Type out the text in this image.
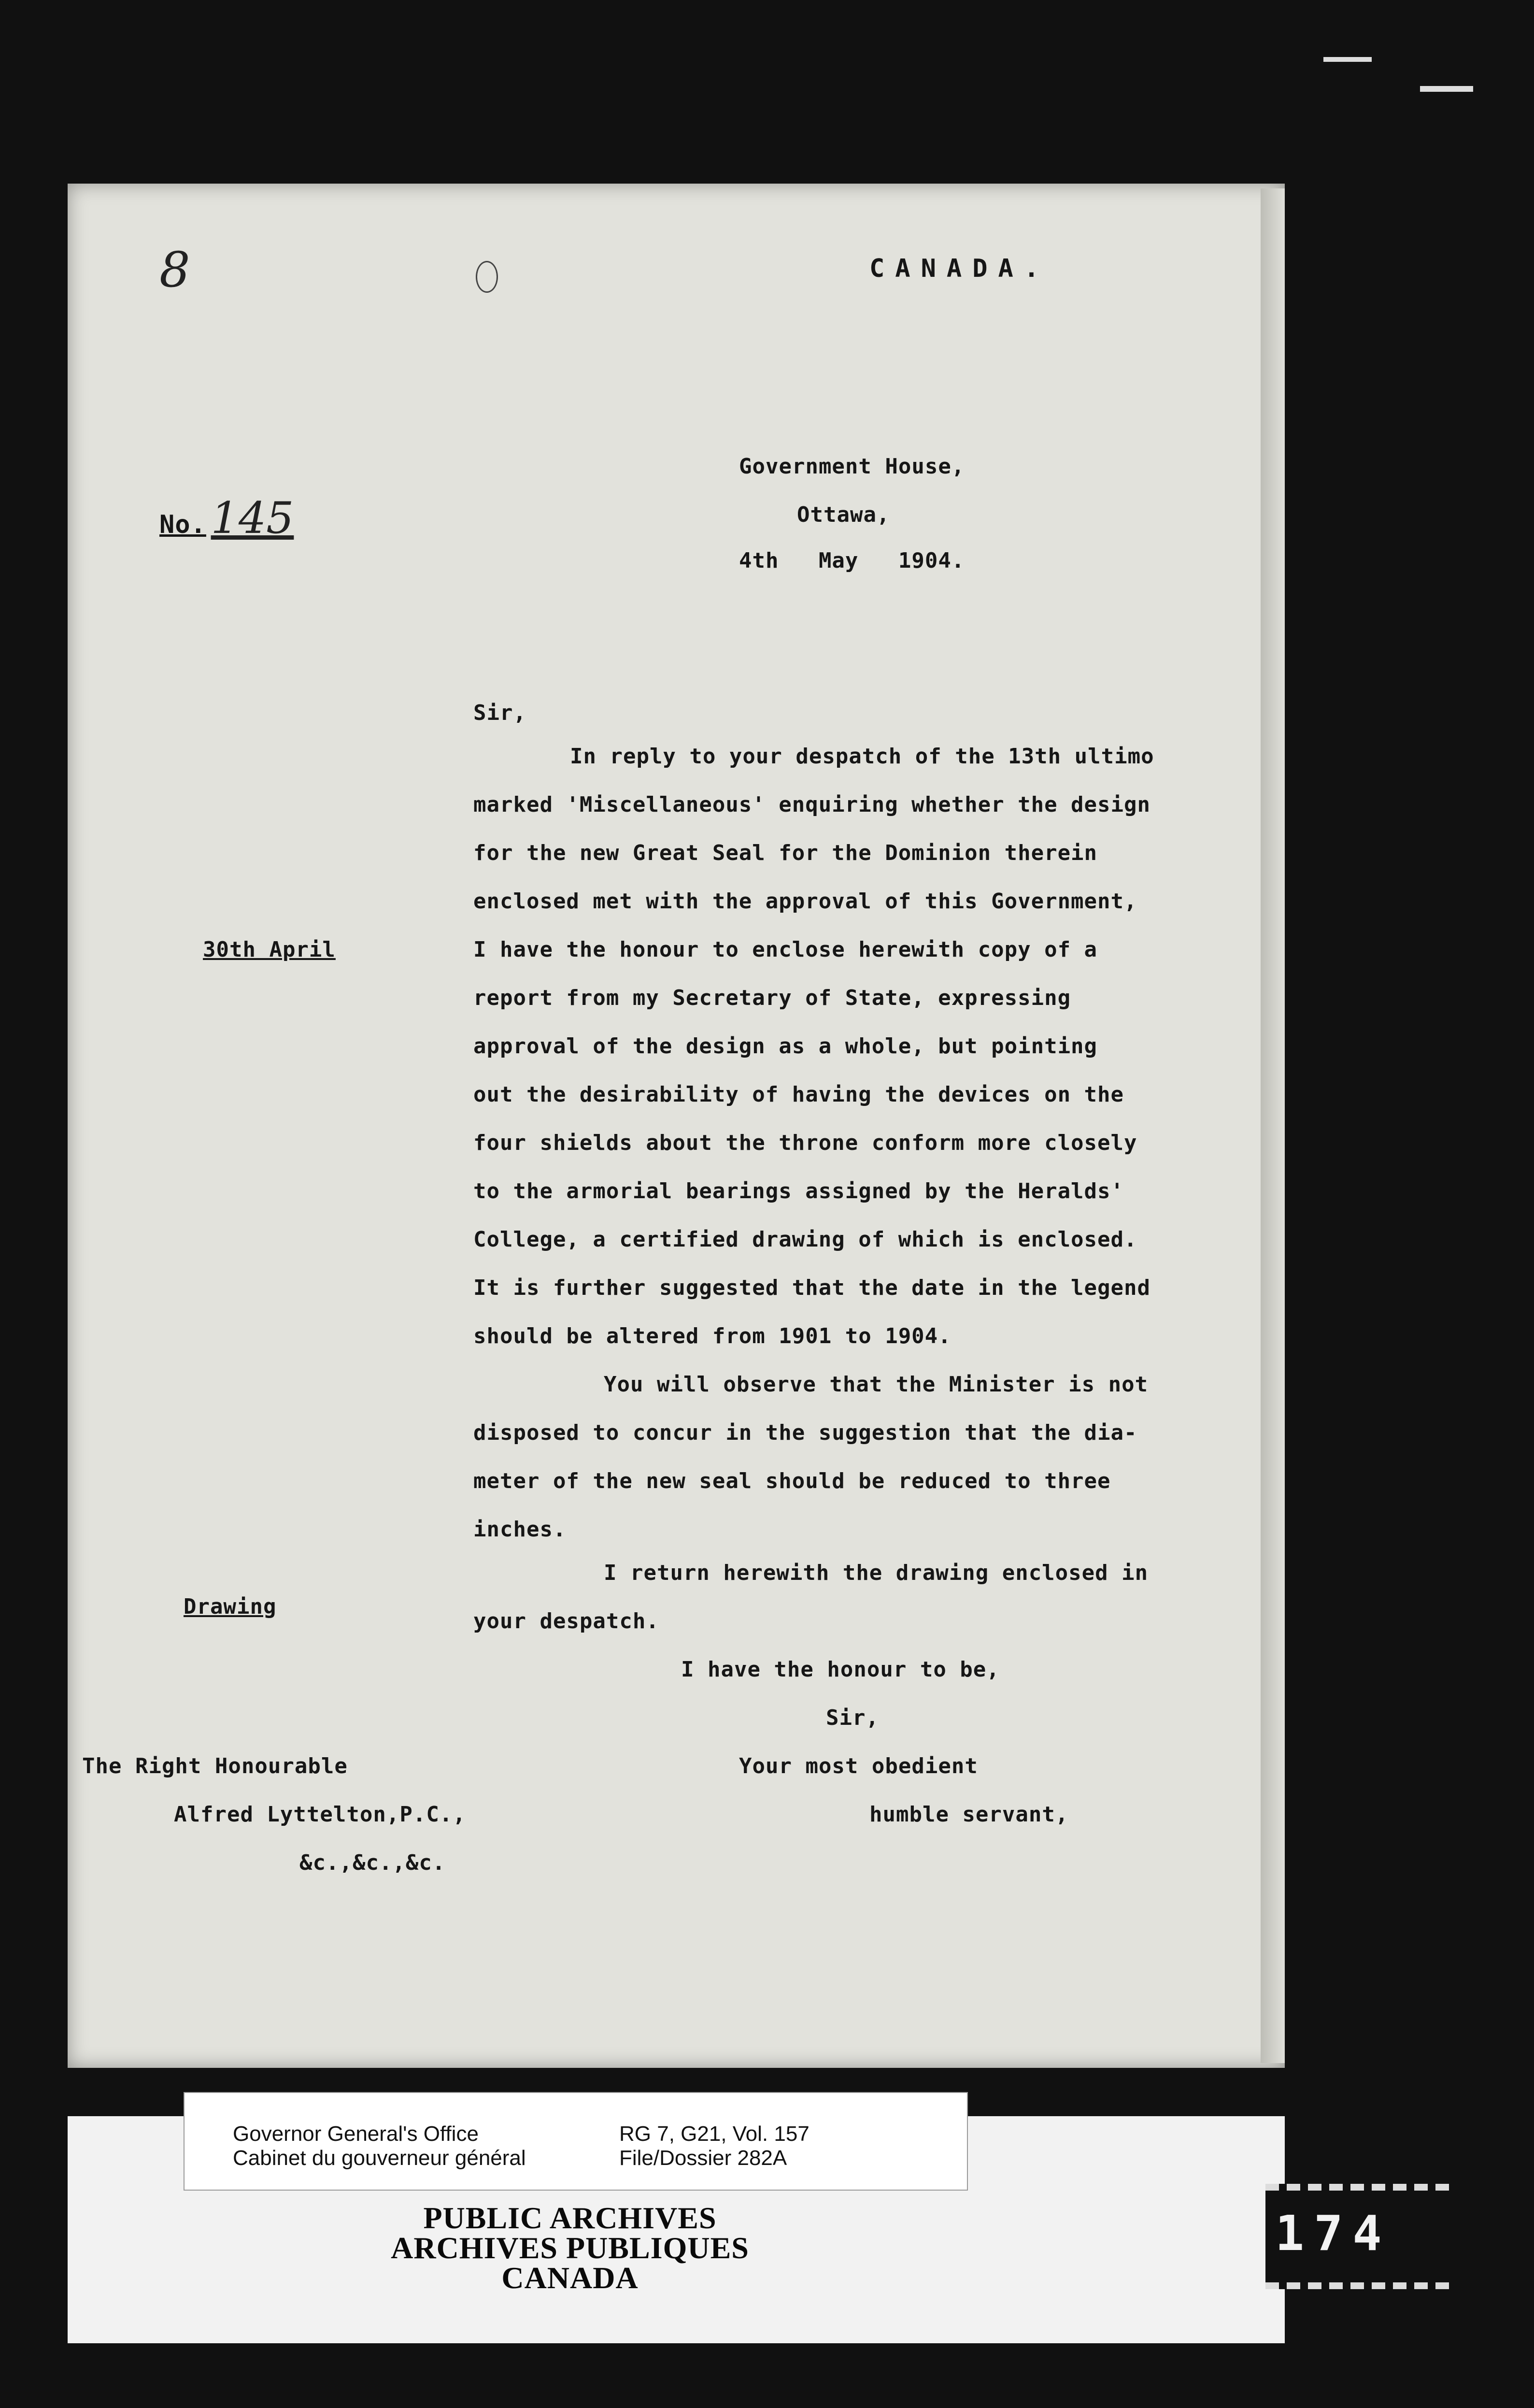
8	CANADA.
Government House,
Ottawa,
4th   May   1904.
No. 145
Sir,
In reply to your despatch of the 13th ultimo
marked 'Miscellaneous' enquiring whether the design
for the new Great Seal for the Dominion therein
enclosed met with the approval of this Government,
I have the honour to enclose herewith copy of a
report from my Secretary of State, expressing
approval of the design as a whole, but pointing
out the desirability of having the devices on the
four shields about the throne conform more closely
to the armorial bearings assigned by the Heralds'
College, a certified drawing of which is enclosed.
It is further suggested that the date in the legend
should be altered from 1901 to 1904.
You will observe that the Minister is not
disposed to concur in the suggestion that the dia-
meter of the new seal should be reduced to three
inches.
I return herewith the drawing enclosed in
your despatch.
30th April
Drawing
I have the honour to be,
Sir,
Your most obedient
humble servant,
The Right Honourable
Alfred Lyttelton,P.C.,
&c.,&c.,&c.
Governor General's Office
Cabinet du gouverneur général
RG 7, G21, Vol. 157
File/Dossier 282A
PUBLIC ARCHIVES
ARCHIVES PUBLIQUES
CANADA
174
